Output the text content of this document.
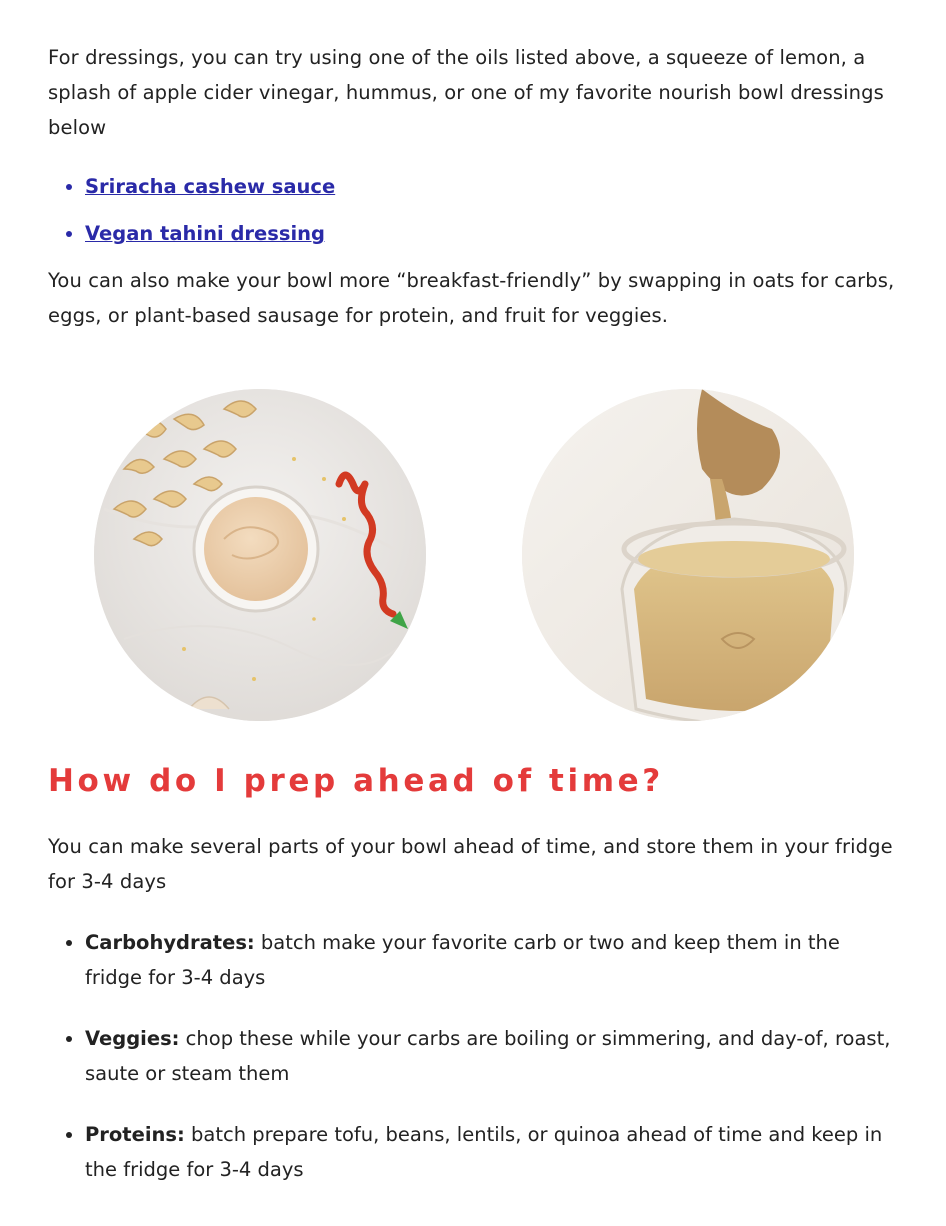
For dressings, you can try using one of the oils listed above, a squeeze of lemon, a splash of apple cider vinegar, hummus, or one of my favorite nourish bowl dressings below

• Sriracha cashew sauce
• Vegan tahini dressing

You can also make your bowl more “breakfast-friendly” by swapping in oats for carbs, eggs, or plant-based sausage for protein, and fruit for veggies.

How do I prep ahead of time?

You can make several parts of your bowl ahead of time, and store them in your fridge for 3-4 days

• Carbohydrates: batch make your favorite carb or two and keep them in the fridge for 3-4 days
• Veggies: chop these while your carbs are boiling or simmering, and day-of, roast, saute or steam them
• Proteins: batch prepare tofu, beans, lentils, or quinoa ahead of time and keep in the fridge for 3-4 days
